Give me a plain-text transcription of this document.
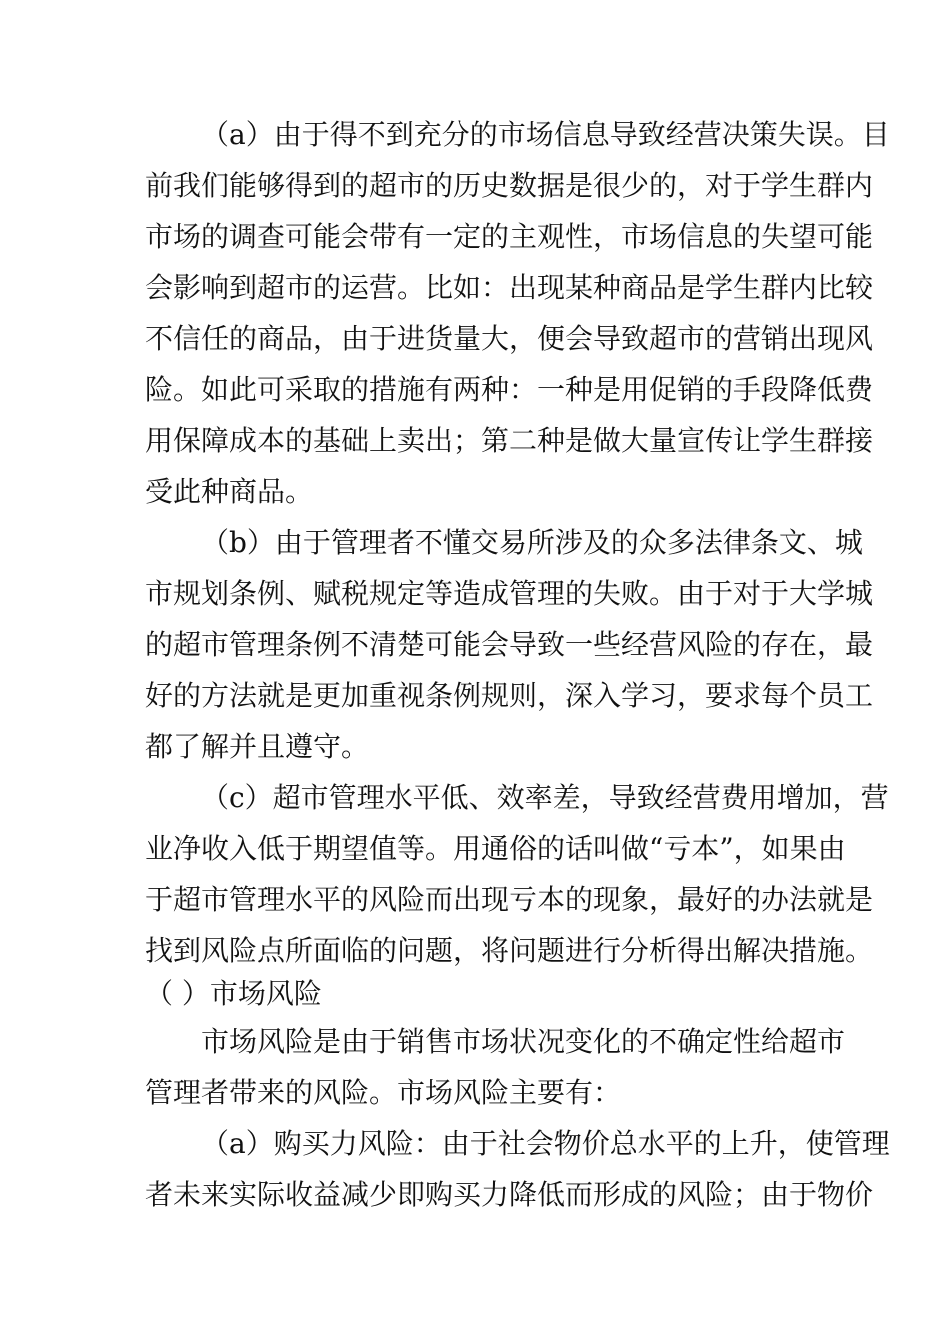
（a）由于得不到充分的市场信息导致经营决策失误。目
前我们能够得到的超市的历史数据是很少的，对于学生群内
市场的调查可能会带有一定的主观性，市场信息的失望可能
会影响到超市的运营。比如：出现某种商品是学生群内比较
不信任的商品，由于进货量大，便会导致超市的营销出现风
险。如此可采取的措施有两种：一种是用促销的手段降低费
用保障成本的基础上卖出；第二种是做大量宣传让学生群接
受此种商品。
（b）由于管理者不懂交易所涉及的众多法律条文、城
市规划条例、赋税规定等造成管理的失败。由于对于大学城
的超市管理条例不清楚可能会导致一些经营风险的存在，最
好的方法就是更加重视条例规则，深入学习，要求每个员工
都了解并且遵守。
（c）超市管理水平低、效率差，导致经营费用增加，营
业净收入低于期望值等。用通俗的话叫做“亏本”，如果由
于超市管理水平的风险而出现亏本的现象，最好的办法就是
找到风险点所面临的问题，将问题进行分析得出解决措施。
（ ）市场风险
市场风险是由于销售市场状况变化的不确定性给超市
管理者带来的风险。市场风险主要有：
（a）购买力风险：由于社会物价总水平的上升，使管理
者未来实际收益减少即购买力降低而形成的风险；由于物价
